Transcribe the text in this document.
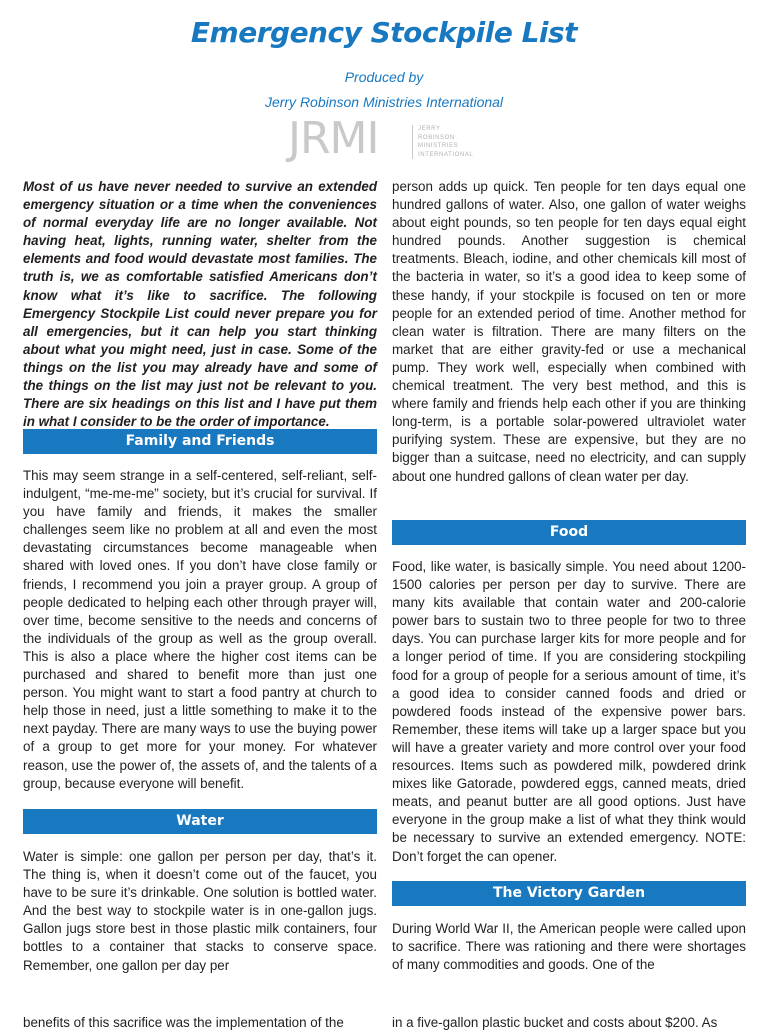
Emergency Stockpile List
Produced by
Jerry Robinson Ministries International
JRMI	JERRY
ROBINSON
MINISTRIES
INTERNATIONAL

Most of us have never needed to survive an extended emergency situation or a time when the conveniences of normal everyday life are no longer available. Not having heat, lights, running water, shelter from the elements and food would devastate most families. The truth is, we as comfortable satisfied Americans don’t know what it’s like to sacrifice. The following Emergency Stockpile List could never prepare you for all emergencies, but it can help you start thinking about what you might need, just in case. Some of the things on the list you may already have and some of the things on the list may just not be relevant to you. There are six headings on this list and I have put them in what I consider to be the order of importance.

Family and Friends

This may seem strange in a self-centered, self-reliant, self-indulgent, “me-me-me” society, but it’s crucial for survival. If you have family and friends, it makes the smaller challenges seem like no problem at all and even the most devastating circumstances become manageable when shared with loved ones. If you don’t have close family or friends, I recommend you join a prayer group. A group of people dedicated to helping each other through prayer will, over time, become sensitive to the needs and concerns of the individuals of the group as well as the group overall. This is also a place where the higher cost items can be purchased and shared to benefit more than just one person. You might want to start a food pantry at church to help those in need, just a little something to make it to the next payday. There are many ways to use the buying power of a group to get more for your money. For whatever reason, use the power of, the assets of, and the talents of a group, because everyone will benefit.

Water

Water is simple: one gallon per person per day, that’s it. The thing is, when it doesn’t come out of the faucet, you have to be sure it’s drinkable. One solution is bottled water. And the best way to stockpile water is in one-gallon jugs. Gallon jugs store best in those plastic milk containers, four bottles to a container that stacks to conserve space. Remember, one gallon per day per

benefits of this sacrifice was the implementation of the

person adds up quick. Ten people for ten days equal one hundred gallons of water. Also, one gallon of water weighs about eight pounds, so ten people for ten days equal eight hundred pounds. Another suggestion is chemical treatments. Bleach, iodine, and other chemicals kill most of the bacteria in water, so it’s a good idea to keep some of these handy, if your stockpile is focused on ten or more people for an extended period of time. Another method for clean water is filtration. There are many filters on the market that are either gravity-fed or use a mechanical pump. They work well, especially when combined with chemical treatment. The very best method, and this is where family and friends help each other if you are thinking long-term, is a portable solar-powered ultraviolet water purifying system. These are expensive, but they are no bigger than a suitcase, need no electricity, and can supply about one hundred gallons of clean water per day.

Food

Food, like water, is basically simple. You need about 1200-1500 calories per person per day to survive. There are many kits available that contain water and 200-calorie power bars to sustain two to three people for two to three days. You can purchase larger kits for more people and for a longer period of time. If you are considering stockpiling food for a group of people for a serious amount of time, it’s a good idea to consider canned foods and dried or powdered foods instead of the expensive power bars. Remember, these items will take up a larger space but you will have a greater variety and more control over your food resources. Items such as powdered milk, powdered drink mixes like Gatorade, powdered eggs, canned meats, dried meats, and peanut butter are all good options. Just have everyone in the group make a list of what they think would be necessary to survive an extended emergency. NOTE: Don’t forget the can opener.

The Victory Garden

During World War II, the American people were called upon to sacrifice. There was rationing and there were shortages of many commodities and goods. One of the

in a five-gallon plastic bucket and costs about $200. As
